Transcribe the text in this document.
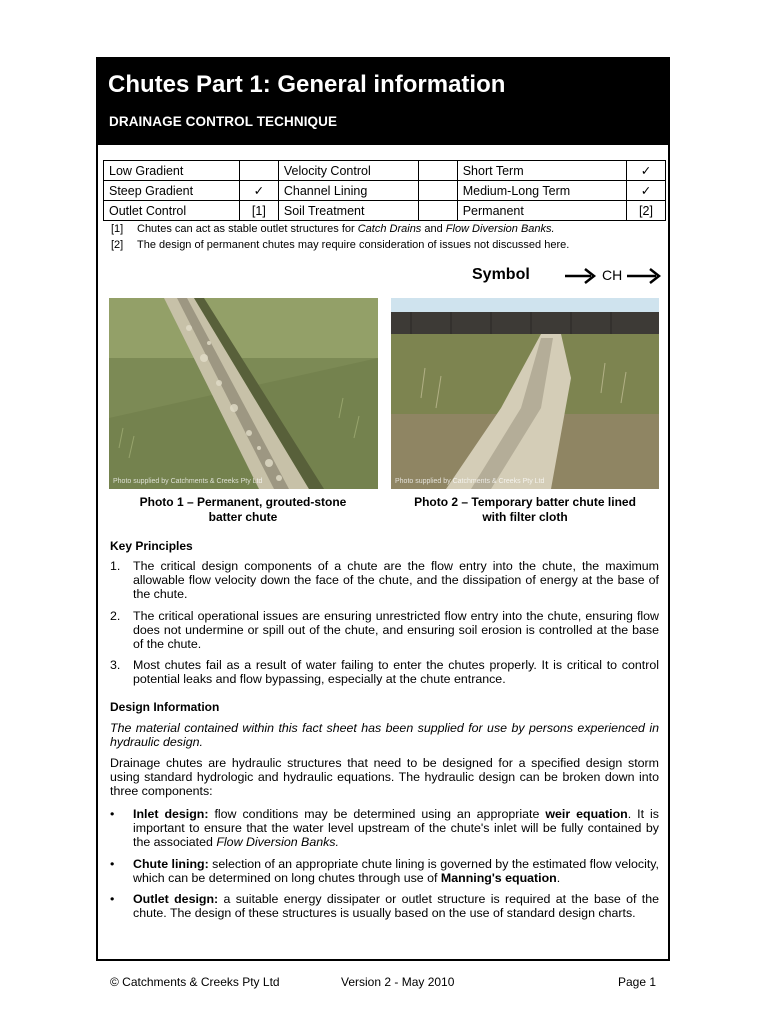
Chutes Part 1: General information
DRAINAGE CONTROL TECHNIQUE
Low Gradient		Velocity Control		Short Term	✓
Steep Gradient	✓	Channel Lining		Medium-Long Term	✓
Outlet Control	[1]	Soil Treatment		Permanent	[2]
[1] Chutes can act as stable outlet structures for Catch Drains and Flow Diversion Banks.
[2] The design of permanent chutes may require consideration of issues not discussed here.
Symbol	CH
Photo supplied by Catchments & Creeks Pty Ltd	Photo supplied by Catchments & Creeks Pty Ltd
Photo 1 – Permanent, grouted-stone
batter chute
Photo 2 – Temporary batter chute lined
with filter cloth
Key Principles
1.	The critical design components of a chute are the flow entry into the chute, the maximum allowable flow velocity down the face of the chute, and the dissipation of energy at the base of the chute.
2.	The critical operational issues are ensuring unrestricted flow entry into the chute, ensuring flow does not undermine or spill out of the chute, and ensuring soil erosion is controlled at the base of the chute.
3.	Most chutes fail as a result of water failing to enter the chutes properly. It is critical to control potential leaks and flow bypassing, especially at the chute entrance.
Design Information
The material contained within this fact sheet has been supplied for use by persons experienced in hydraulic design.
Drainage chutes are hydraulic structures that need to be designed for a specified design storm using standard hydrologic and hydraulic equations. The hydraulic design can be broken down into three components:
•	Inlet design: flow conditions may be determined using an appropriate weir equation. It is important to ensure that the water level upstream of the chute's inlet will be fully contained by the associated Flow Diversion Banks.
•	Chute lining: selection of an appropriate chute lining is governed by the estimated flow velocity, which can be determined on long chutes through use of Manning's equation.
•	Outlet design: a suitable energy dissipater or outlet structure is required at the base of the chute. The design of these structures is usually based on the use of standard design charts.
© Catchments & Creeks Pty Ltd	Version 2 - May 2010	Page 1
